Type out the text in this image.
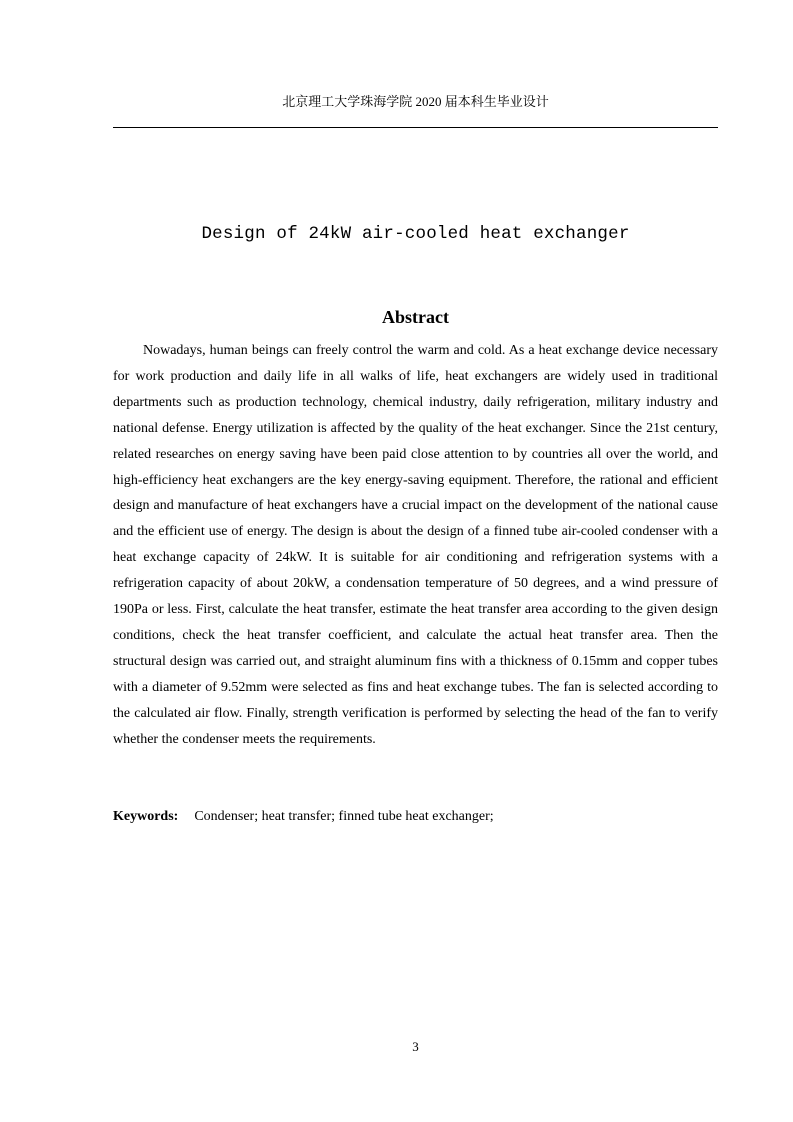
北京理工大学珠海学院 2020 届本科生毕业设计
Design of 24kW air-cooled heat exchanger
Abstract

Nowadays, human beings can freely control the warm and cold. As a heat exchange device necessary for work production and daily life in all walks of life, heat exchangers are widely used in traditional departments such as production technology, chemical industry, daily refrigeration, military industry and national defense. Energy utilization is affected by the quality of the heat exchanger. Since the 21st century, related researches on energy saving have been paid close attention to by countries all over the world, and high-efficiency heat exchangers are the key energy-saving equipment. Therefore, the rational and efficient design and manufacture of heat exchangers have a crucial impact on the development of the national cause and the efficient use of energy. The design is about the design of a finned tube air-cooled condenser with a heat exchange capacity of 24kW. It is suitable for air conditioning and refrigeration systems with a refrigeration capacity of about 20kW, a condensation temperature of 50 degrees, and a wind pressure of 190Pa or less. First, calculate the heat transfer, estimate the heat transfer area according to the given design conditions, check the heat transfer coefficient, and calculate the actual heat transfer area. Then the structural design was carried out, and straight aluminum fins with a thickness of 0.15mm and copper tubes with a diameter of 9.52mm were selected as fins and heat exchange tubes. The fan is selected according to the calculated air flow. Finally, strength verification is performed by selecting the head of the fan to verify whether the condenser meets the requirements.

Keywords: Condenser; heat transfer; finned tube heat exchanger;
3
